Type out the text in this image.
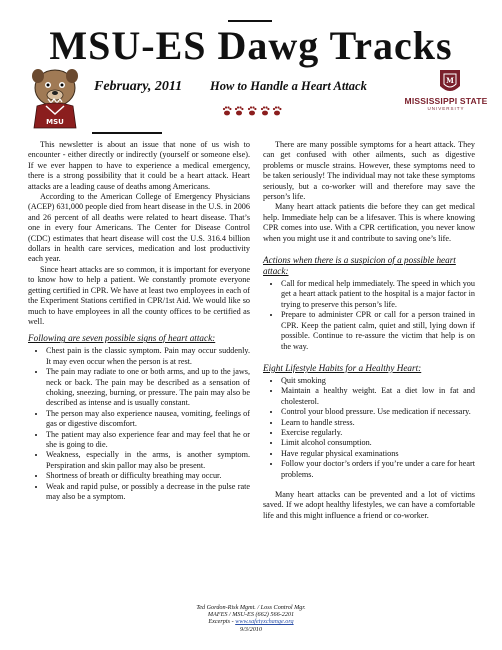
MSU-ES Dawg Tracks
MSU
February, 2011 How to Handle a Heart Attack	M
MISSISSIPPI STATE
UNIVERSITY

This newsletter is about an issue that none of us wish to encounter - either directly or indirectly (yourself or someone else). If we ever happen to have to experience a medical emergency, there is a strong possibility that it could be a heart attack. Heart attacks are a leading cause of deaths among Americans.

According to the American College of Emergency Physicians (ACEP) 631,000 people died from heart disease in the U.S. in 2006 and 26 percent of all deaths were related to heart disease. That’s one in every four Americans. The Center for Disease Control (CDC) estimates that heart disease will cost the U.S. 316.4 billion dollars in health care services, medication and lost productivity each year.

Since heart attacks are so common, it is important for everyone to know how to help a patient. We constantly promote everyone getting certified in CPR. We have at least two employees in each of the Experiment Stations certified in CPR/1st Aid. We would like so much to have employees in all the county offices to be certified as well.

Following are seven possible signs of heart attack:
• Chest pain is the classic symptom. Pain may occur suddenly. It may even occur when the person is at rest.
• The pain may radiate to one or both arms, and up to the jaws, neck or back. The pain may be described as a sensation of choking, sneezing, burning, or pressure. The pain may also be described as intense and is usually constant.
• The person may also experience nausea, vomiting, feelings of gas or digestive discomfort.
• The patient may also experience fear and may feel that he or she is going to die.
• Weakness, especially in the arms, is another symptom. Perspiration and skin pallor may also be present.
• Shortness of breath or difficulty breathing may occur.
• Weak and rapid pulse, or possibly a decrease in the pulse rate may also be a symptom.

There are many possible symptoms for a heart attack. They can get confused with other ailments, such as digestive problems or muscle strains. However, these symptoms need to be taken seriously! The individual may not take these symptoms seriously, but a co-worker will and therefore may save the person’s life.

Many heart attack patients die before they can get medical help. Immediate help can be a lifesaver. This is where knowing CPR comes into use. With a CPR certification, you never know when you might use it and contribute to saving one’s life.

Actions when there is a suspicion of a possible heart attack:
• Call for medical help immediately. The speed in which you get a heart attack patient to the hospital is a major factor in trying to preserve this person’s life.
• Prepare to administer CPR or call for a person trained in CPR. Keep the patient calm, quiet and still, lying down if possible. Continue to re-assure the victim that help is on the way.
Eight Lifestyle Habits for a Healthy Heart:
• Quit smoking
• Maintain a healthy weight. Eat a diet low in fat and cholesterol.
• Control your blood pressure. Use medication if necessary.
• Learn to handle stress.
• Exercise regularly.
• Limit alcohol consumption.
• Have regular physical examinations
• Follow your doctor’s orders if you’re under a care for heart problems.

Many heart attacks can be prevented and a lot of victims saved. If we adopt healthy lifestyles, we can have a comfortable life and this might influence a friend or co-worker.

Ted Gordon-Risk Mgmt. / Loss Control Mgr.
MAFES / MSU-ES (662) 566-2201
Excerpts - www.safetyxchange.org
9/3/2010
